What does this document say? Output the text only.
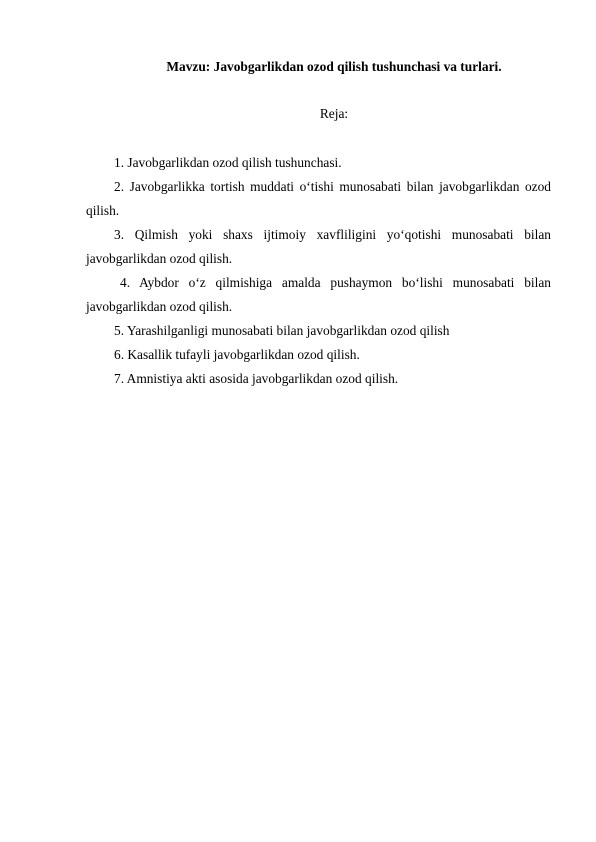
Mavzu: Javobgarlikdan ozod qilish tushunchasi va turlari.

Reja:

1. Javobgarlikdan ozod qilish tushunchasi.
2. Javobgarlikka tortish muddati o‘tishi munosabati bilan javobgarlikdan ozod qilish.
3. Qilmish yoki shaxs ijtimoiy xavfliligini yo‘qotishi munosabati bilan javobgarlikdan ozod qilish.
4. Aybdor o‘z qilmishiga amalda pushaymon bo‘lishi munosabati bilan javobgarlikdan ozod qilish.
5. Yarashilganligi munosabati bilan javobgarlikdan ozod qilish
6. Kasallik tufayli javobgarlikdan ozod qilish.
7. Amnistiya akti asosida javobgarlikdan ozod qilish.
